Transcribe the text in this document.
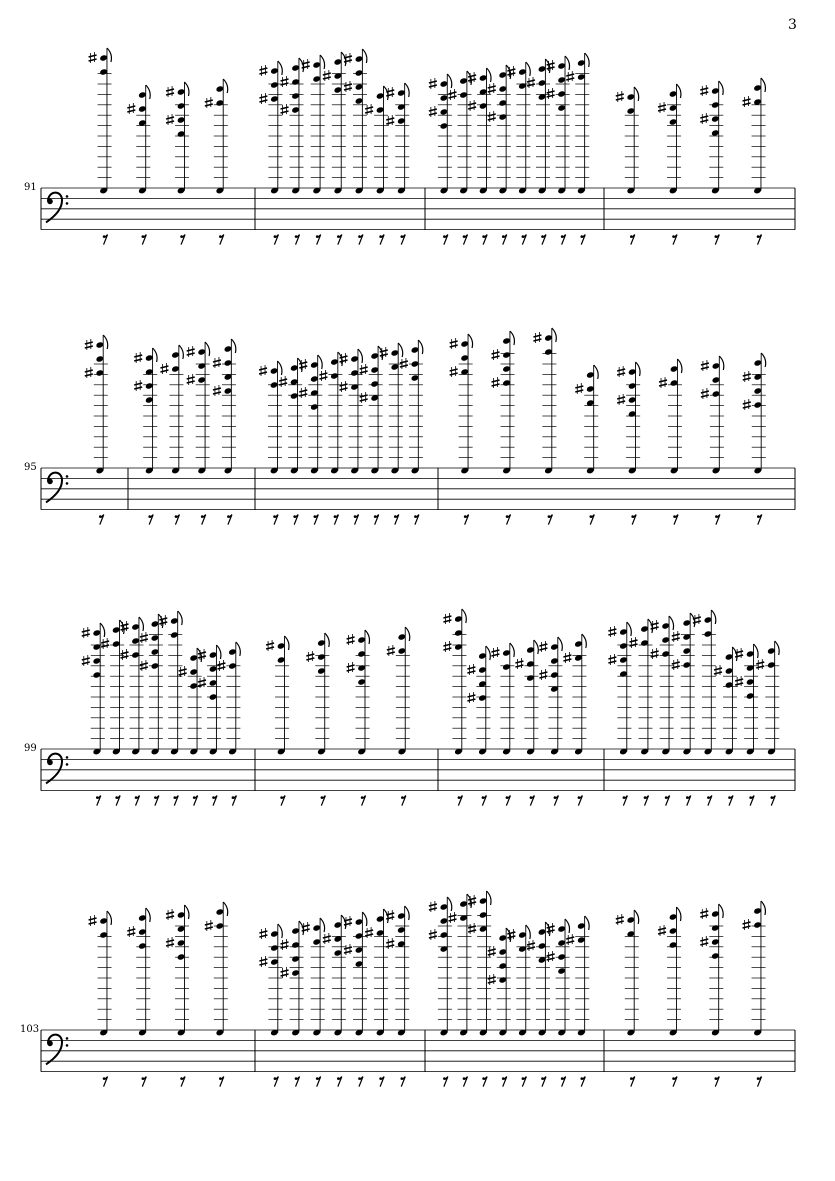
3
91
95
99
103
